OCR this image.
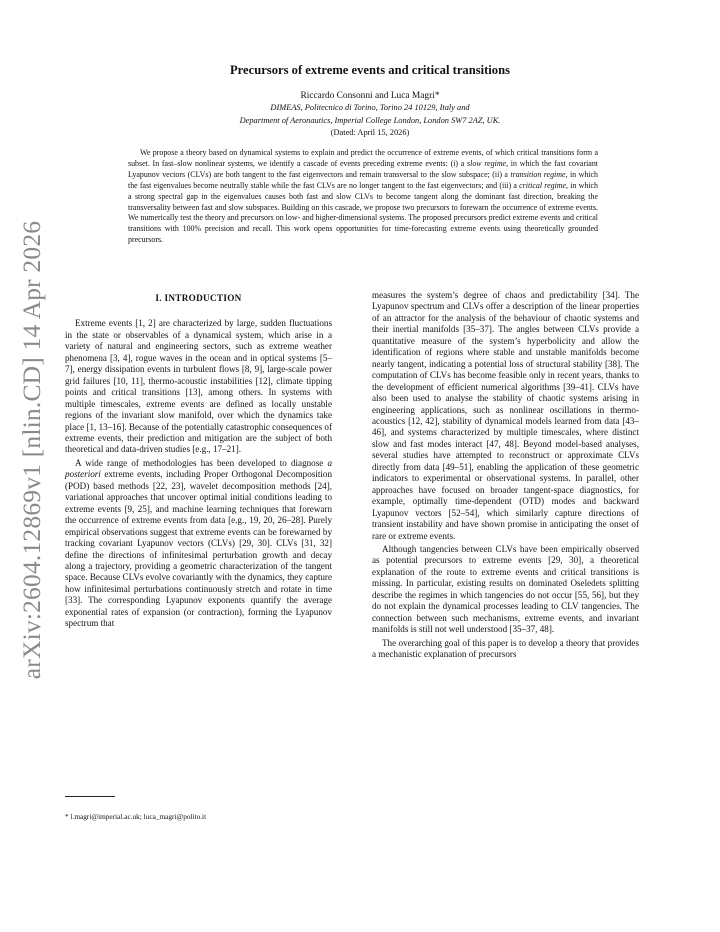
arXiv:2604.12869v1 [nlin.CD] 14 Apr 2026
Precursors of extreme events and critical transitions
Riccardo Consonni and Luca Magri*
DIMEAS, Politecnico di Torino, Torino 24 10129, Italy and
Department of Aeronautics, Imperial College London, London SW7 2AZ, UK.
(Dated: April 15, 2026)

We propose a theory based on dynamical systems to explain and predict the occurrence of extreme events, of which critical transitions form a subset. In fast–slow nonlinear systems, we identify a cascade of events preceding extreme events: (i) a slow regime, in which the fast covariant Lyapunov vectors (CLVs) are both tangent to the fast eigenvectors and remain transversal to the slow subspace; (ii) a transition regime, in which the fast eigenvalues become neutrally stable while the fast CLVs are no longer tangent to the fast eigenvectors; and (iii) a critical regime, in which a strong spectral gap in the eigenvalues causes both fast and slow CLVs to become tangent along the dominant fast direction, breaking the transversality between fast and slow subspaces. Building on this cascade, we propose two precursors to forewarn the occurrence of extreme events. We numerically test the theory and precursors on low- and higher-dimensional systems. The proposed precursors predict extreme events and critical transitions with 100% precision and recall. This work opens opportunities for time-forecasting extreme events using theoretically grounded precursors.

I. INTRODUCTION

Extreme events [1, 2] are characterized by large, sudden fluctuations in the state or observables of a dynamical system, which arise in a variety of natural and engineering sectors, such as extreme weather phenomena [3, 4], rogue waves in the ocean and in optical systems [5–7], energy dissipation events in turbulent flows [8, 9], large-scale power grid failures [10, 11], thermo-acoustic instabilities [12], climate tipping points and critical transitions [13], among others. In systems with multiple timescales, extreme events are defined as locally unstable regions of the invariant slow manifold, over which the dynamics take place [1, 13–16]. Because of the potentially catastrophic consequences of extreme events, their prediction and mitigation are the subject of both theoretical and data-driven studies [e.g., 17–21].

A wide range of methodologies has been developed to diagnose a posteriori extreme events, including Proper Orthogonal Decomposition (POD) based methods [22, 23], wavelet decomposition methods [24], variational approaches that uncover optimal initial conditions leading to extreme events [9, 25], and machine learning techniques that forewarn the occurrence of extreme events from data [e.g., 19, 20, 26–28]. Purely empirical observations suggest that extreme events can be forewarned by tracking covariant Lyapunov vectors (CLVs) [29, 30]. CLVs [31, 32] define the directions of infinitesimal perturbation growth and decay along a trajectory, providing a geometric characterization of the tangent space. Because CLVs evolve covariantly with the dynamics, they capture how infinitesimal perturbations continuously stretch and rotate in time [33]. The corresponding Lyapunov exponents quantify the average exponential rates of expansion (or contraction), forming the Lyapunov spectrum that

measures the system’s degree of chaos and predictability [34]. The Lyapunov spectrum and CLVs offer a description of the linear properties of an attractor for the analysis of the behaviour of chaotic systems and their inertial manifolds [35–37]. The angles between CLVs provide a quantitative measure of the system’s hyperbolicity and allow the identification of regions where stable and unstable manifolds become nearly tangent, indicating a potential loss of structural stability [38]. The computation of CLVs has become feasible only in recent years, thanks to the development of efficient numerical algorithms [39–41]. CLVs have also been used to analyse the stability of chaotic systems arising in engineering applications, such as nonlinear oscillations in thermo-acoustics [12, 42], stability of dynamical models learned from data [43–46], and systems characterized by multiple timescales, where distinct slow and fast modes interact [47, 48]. Beyond model-based analyses, several studies have attempted to reconstruct or approximate CLVs directly from data [49–51], enabling the application of these geometric indicators to experimental or observational systems. In parallel, other approaches have focused on broader tangent-space diagnostics, for example, optimally time-dependent (OTD) modes and backward Lyapunov vectors [52–54], which similarly capture directions of transient instability and have shown promise in anticipating the onset of rare or extreme events.

Although tangencies between CLVs have been empirically observed as potential precursors to extreme events [29, 30], a theoretical explanation of the route to extreme events and critical transitions is missing. In particular, existing results on dominated Oseledets splitting describe the regimes in which tangencies do not occur [55, 56], but they do not explain the dynamical processes leading to CLV tangencies. The connection between such mechanisms, extreme events, and invariant manifolds is still not well understood [35–37, 48].

The overarching goal of this paper is to develop a theory that provides a mechanistic explanation of precursors

* l.magri@imperial.ac.uk; luca_magri@polito.it
